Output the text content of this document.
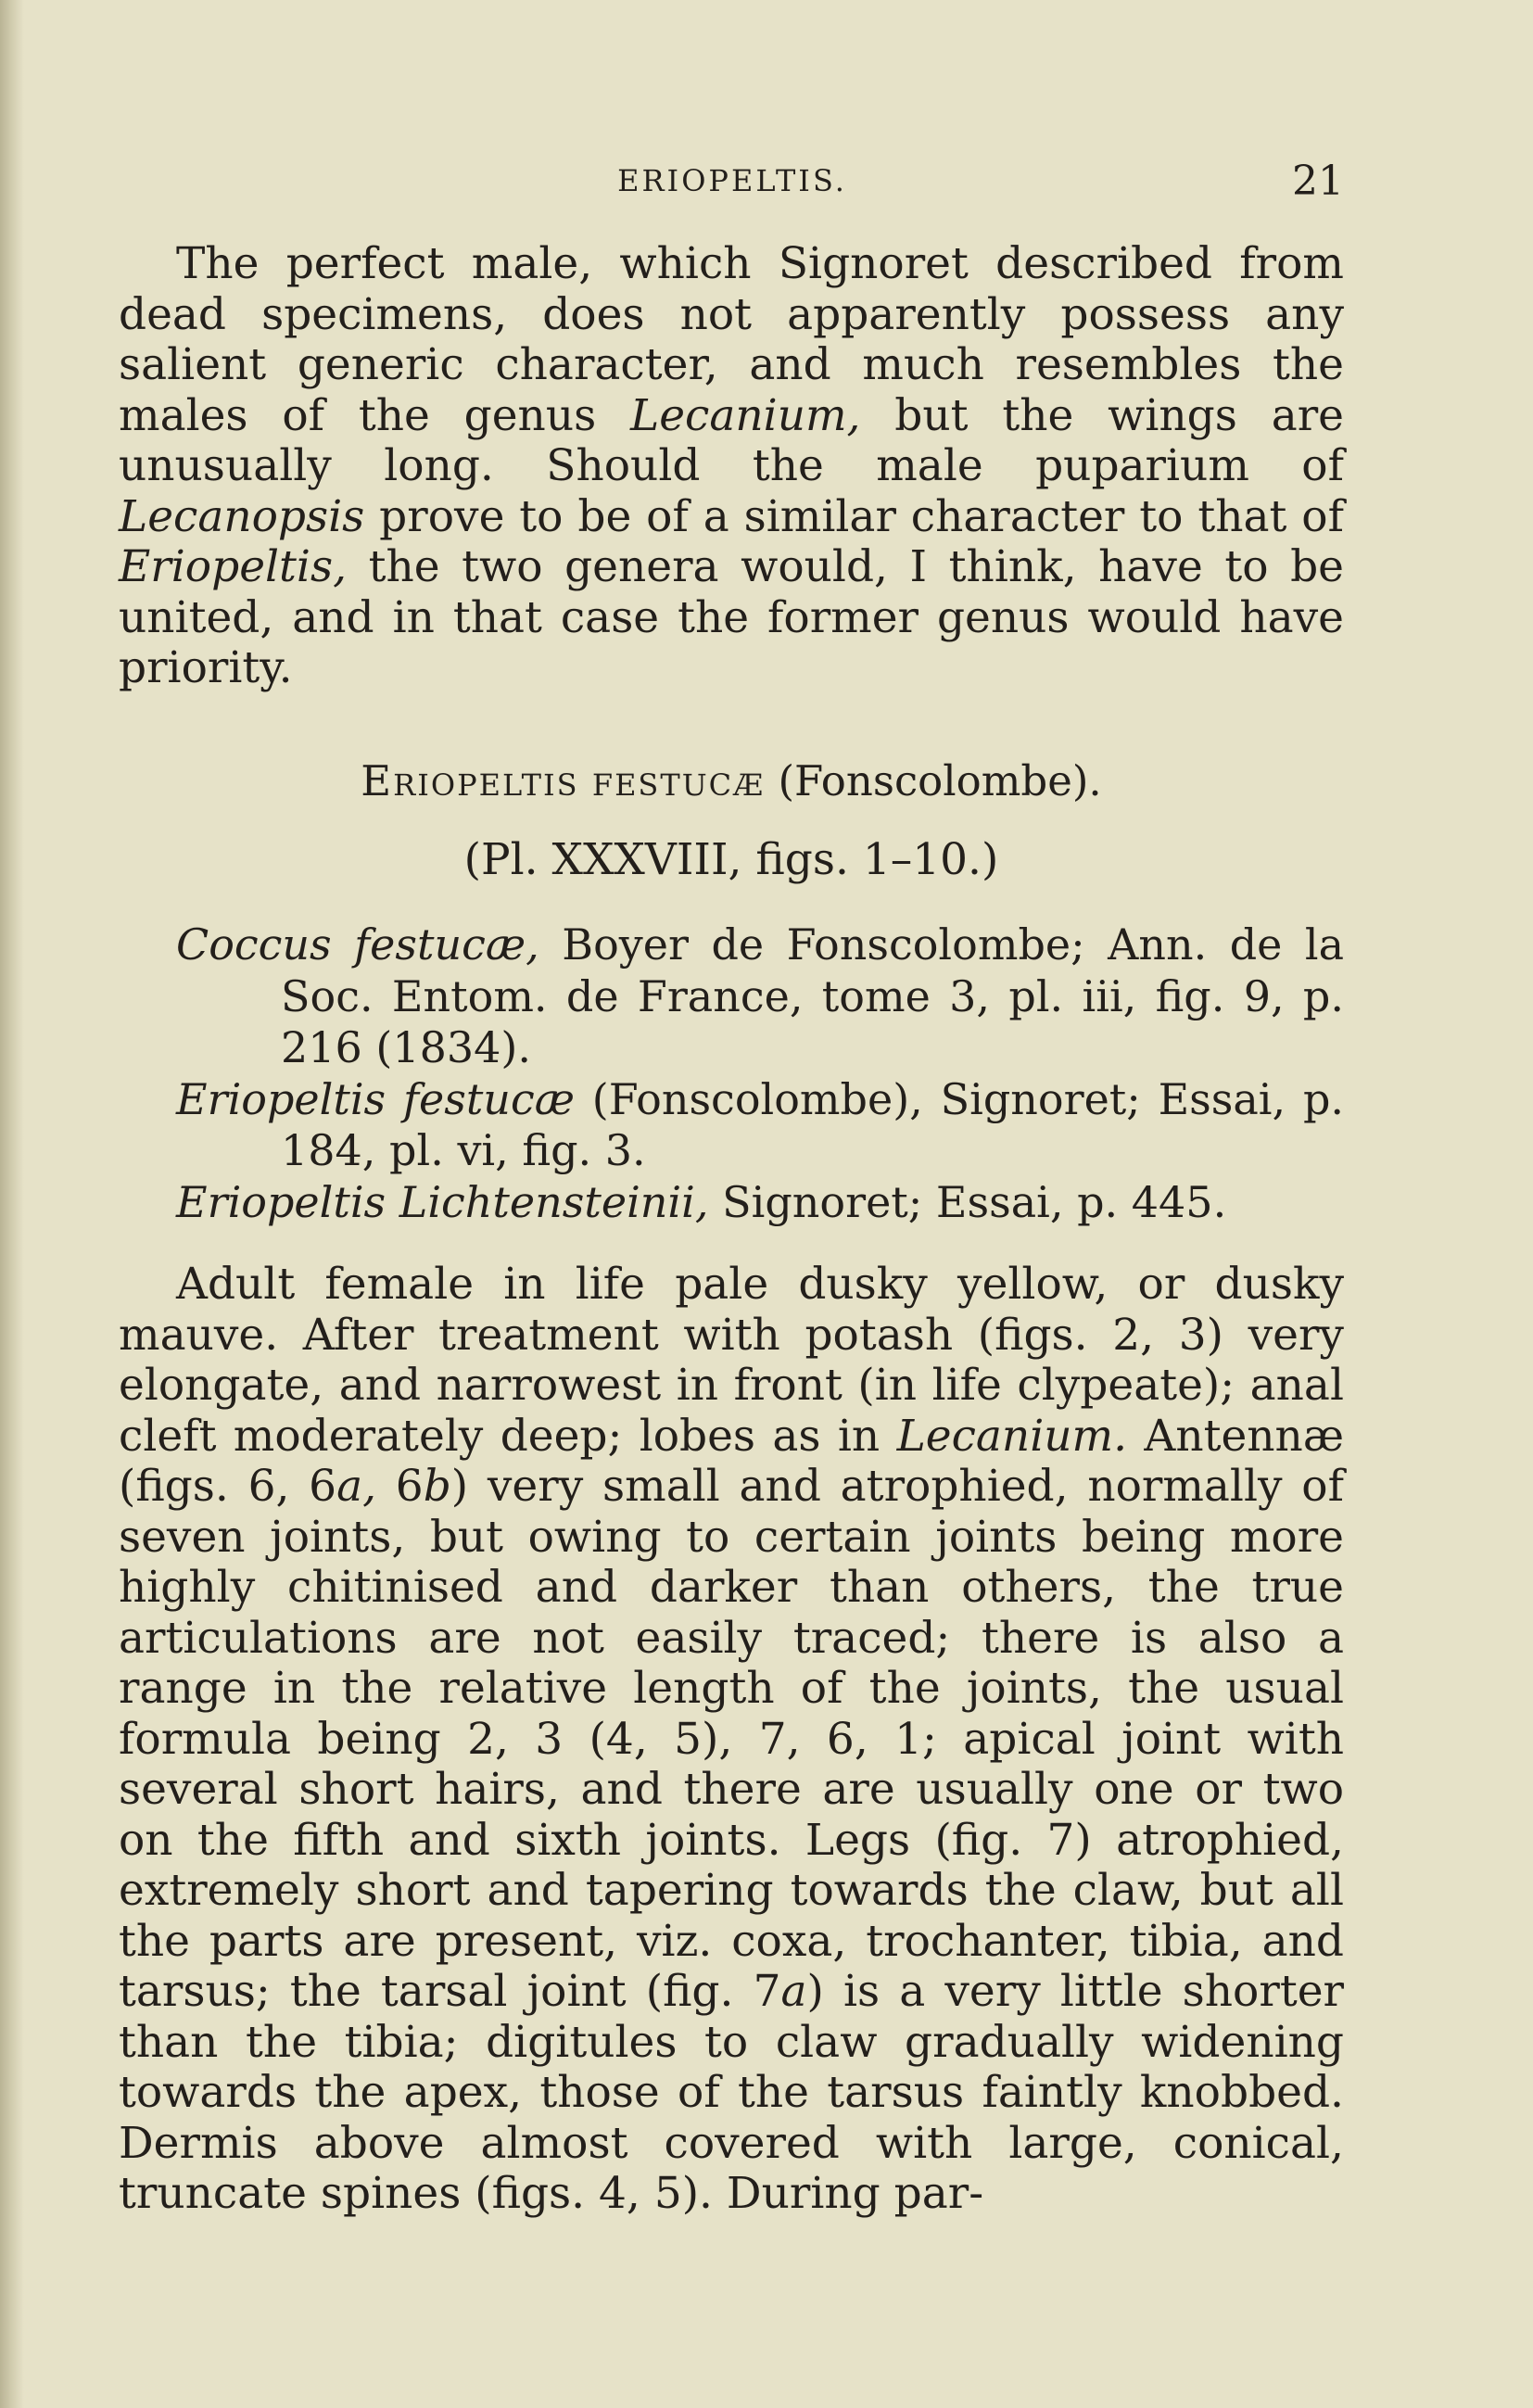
ERIOPELTIS.	21

The perfect male, which Signoret described from dead specimens, does not apparently possess any salient generic character, and much resembles the males of the genus Lecanium, but the wings are unusually long. Should the male puparium of Lecanopsis prove to be of a similar character to that of Eriopeltis, the two genera would, I think, have to be united, and in that case the former genus would have priority.

Eriopeltis festucæ (Fonscolombe).

(Pl. XXXVIII, figs. 1–10.)

Coccus festucæ, Boyer de Fonscolombe; Ann. de la Soc. Entom. de France, tome 3, pl. iii, fig. 9, p. 216 (1834).
Eriopeltis festucæ (Fonscolombe), Signoret; Essai, p. 184, pl. vi, fig. 3.
Eriopeltis Lichtensteinii, Signoret; Essai, p. 445.

Adult female in life pale dusky yellow, or dusky mauve. After treatment with potash (figs. 2, 3) very elongate, and narrowest in front (in life clypeate); anal cleft moderately deep; lobes as in Lecanium. Antennæ (figs. 6, 6a, 6b) very small and atrophied, normally of seven joints, but owing to certain joints being more highly chitinised and darker than others, the true articulations are not easily traced; there is also a range in the relative length of the joints, the usual formula being 2, 3 (4, 5), 7, 6, 1; apical joint with several short hairs, and there are usually one or two on the fifth and sixth joints. Legs (fig. 7) atrophied, extremely short and tapering towards the claw, but all the parts are present, viz. coxa, trochanter, tibia, and tarsus; the tarsal joint (fig. 7a) is a very little shorter than the tibia; digitules to claw gradually widening towards the apex, those of the tarsus faintly knobbed. Dermis above almost covered with large, conical, truncate spines (figs. 4, 5). During par-
